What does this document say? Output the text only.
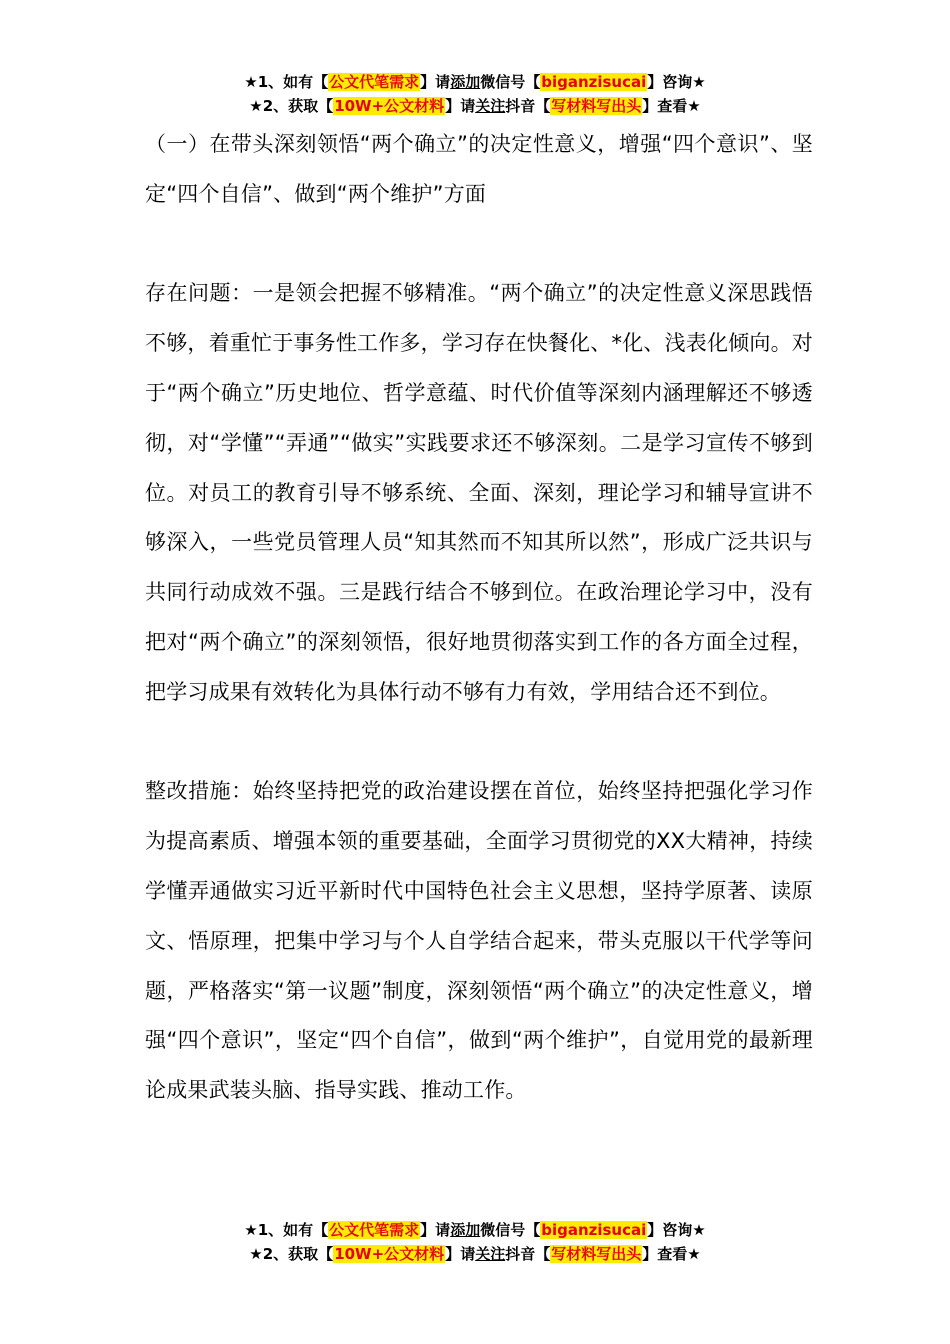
★1、如有【公文代笔需求】请添加微信号【biganzisucai】咨询★
★2、获取【10W+公文材料】请关注抖音【写材料写出头】查看★

（一）在带头深刻领悟“两个确立”的决定性意义，增强“四个意识”、坚定“四个自信”、做到“两个维护”方面

存在问题：一是领会把握不够精准。“两个确立”的决定性意义深思践悟不够，着重忙于事务性工作多，学习存在快餐化、*化、浅表化倾向。对于“两个确立”历史地位、哲学意蕴、时代价值等深刻内涵理解还不够透彻，对“学懂”“弄通”“做实”实践要求还不够深刻。二是学习宣传不够到位。对员工的教育引导不够系统、全面、深刻，理论学习和辅导宣讲不够深入，一些党员管理人员“知其然而不知其所以然”，形成广泛共识与共同行动成效不强。三是践行结合不够到位。在政治理论学习中，没有把对“两个确立”的深刻领悟，很好地贯彻落实到工作的各方面全过程，把学习成果有效转化为具体行动不够有力有效，学用结合还不到位。

整改措施：始终坚持把党的政治建设摆在首位，始终坚持把强化学习作为提高素质、增强本领的重要基础，全面学习贯彻党的XX大精神，持续学懂弄通做实习近平新时代中国特色社会主义思想，坚持学原著、读原文、悟原理，把集中学习与个人自学结合起来，带头克服以干代学等问题，严格落实“第一议题”制度，深刻领悟“两个确立”的决定性意义，增强“四个意识”，坚定“四个自信”，做到“两个维护”，自觉用党的最新理论成果武装头脑、指导实践、推动工作。

★1、如有【公文代笔需求】请添加微信号【biganzisucai】咨询★
★2、获取【10W+公文材料】请关注抖音【写材料写出头】查看★
